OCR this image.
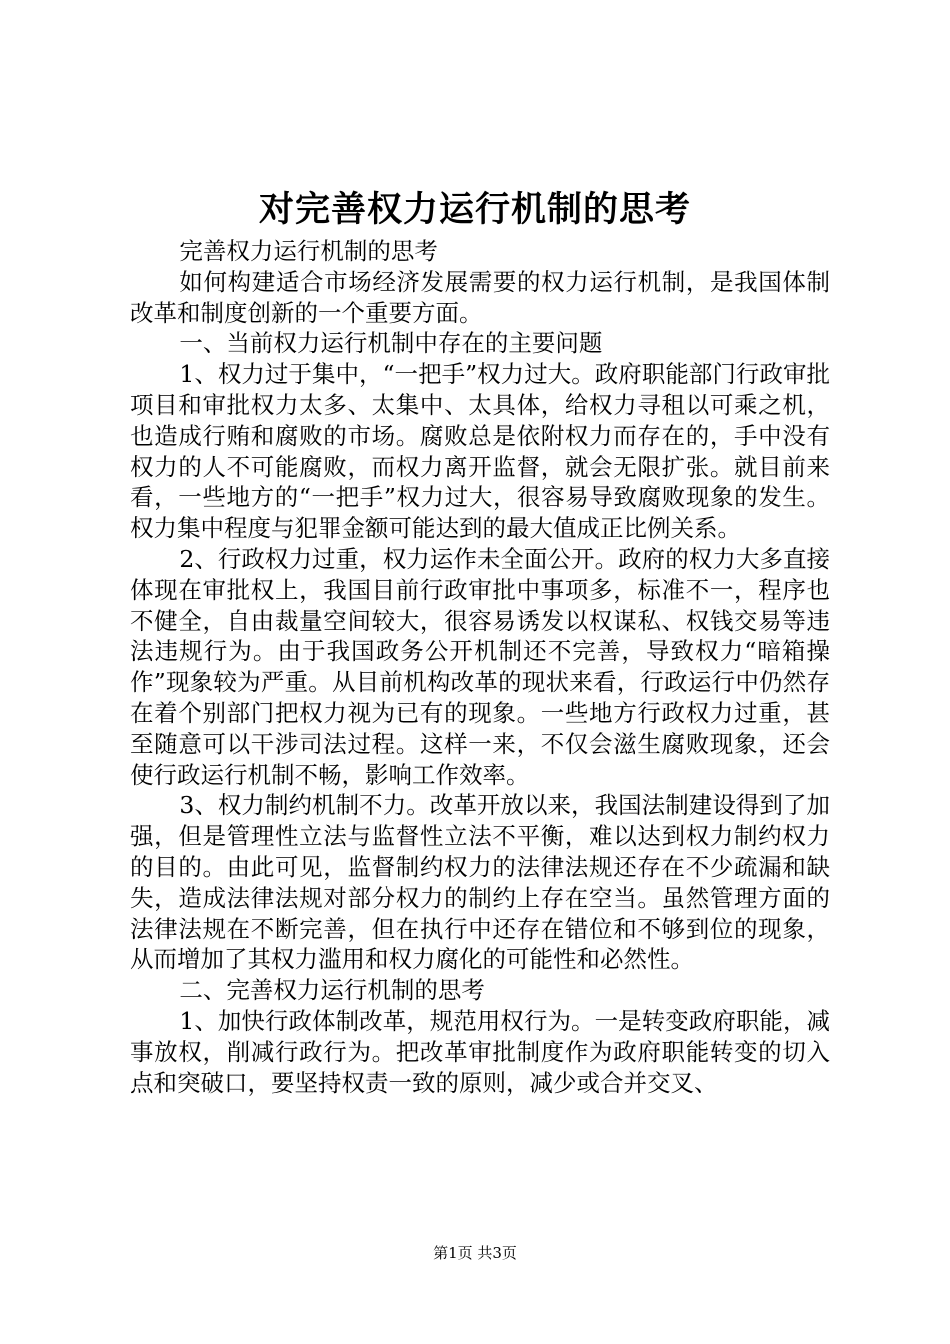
对完善权力运行机制的思考

完善权力运行机制的思考

如何构建适合市场经济发展需要的权力运行机制，是我国体制改革和制度创新的一个重要方面。

一、当前权力运行机制中存在的主要问题

1、权力过于集中，“一把手”权力过大。政府职能部门行政审批项目和审批权力太多、太集中、太具体，给权力寻租以可乘之机，也造成行贿和腐败的市场。腐败总是依附权力而存在的，手中没有权力的人不可能腐败，而权力离开监督，就会无限扩张。就目前来看，一些地方的“一把手”权力过大，很容易导致腐败现象的发生。权力集中程度与犯罪金额可能达到的最大值成正比例关系。

2、行政权力过重，权力运作未全面公开。政府的权力大多直接体现在审批权上，我国目前行政审批中事项多，标准不一，程序也不健全，自由裁量空间较大，很容易诱发以权谋私、权钱交易等违法违规行为。由于我国政务公开机制还不完善，导致权力“暗箱操作”现象较为严重。从目前机构改革的现状来看，行政运行中仍然存在着个别部门把权力视为已有的现象。一些地方行政权力过重，甚至随意可以干涉司法过程。这样一来，不仅会滋生腐败现象，还会使行政运行机制不畅，影响工作效率。

3、权力制约机制不力。改革开放以来，我国法制建设得到了加强，但是管理性立法与监督性立法不平衡，难以达到权力制约权力的目的。由此可见，监督制约权力的法律法规还存在不少疏漏和缺失，造成法律法规对部分权力的制约上存在空当。虽然管理方面的法律法规在不断完善，但在执行中还存在错位和不够到位的现象，从而增加了其权力滥用和权力腐化的可能性和必然性。

二、完善权力运行机制的思考

1、加快行政体制改革，规范用权行为。一是转变政府职能，减事放权，削减行政行为。把改革审批制度作为政府职能转变的切入点和突破口，要坚持权责一致的原则，减少或合并交叉、

第1页 共3页
